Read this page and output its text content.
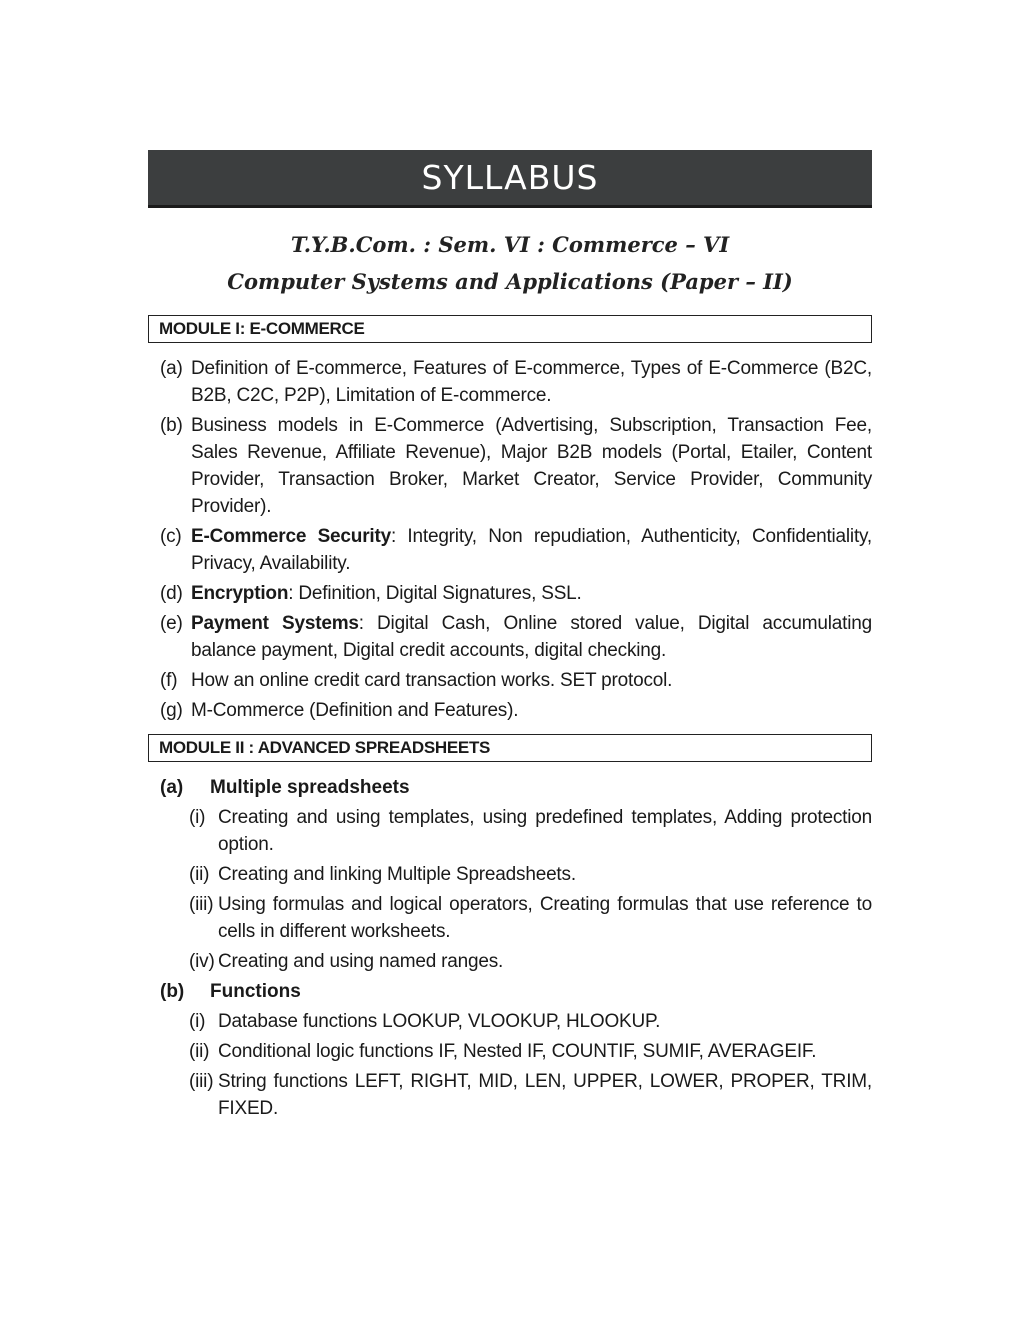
SYLLABUS
T.Y.B.Com. : Sem. VI : Commerce – VI
Computer Systems and Applications (Paper – II)
MODULE I: E-COMMERCE
(a) Definition of E-commerce, Features of E-commerce, Types of E-Commerce (B2C, B2B, C2C, P2P), Limitation of E-commerce.
(b) Business models in E-Commerce (Advertising, Subscription, Transaction Fee, Sales Revenue, Affiliate Revenue), Major B2B models (Portal, Etailer, Content Provider, Transaction Broker, Market Creator, Service Provider, Community Provider).
(c) E-Commerce Security: Integrity, Non repudiation, Authenticity, Confidentiality, Privacy, Availability.
(d) Encryption: Definition, Digital Signatures, SSL.
(e) Payment Systems: Digital Cash, Online stored value, Digital accumulating balance payment, Digital credit accounts, digital checking.
(f) How an online credit card transaction works. SET protocol.
(g) M-Commerce (Definition and Features).
MODULE II : ADVANCED SPREADSHEETS
(a)	Multiple spreadsheets
(i) Creating and using templates, using predefined templates, Adding protection option.
(ii) Creating and linking Multiple Spreadsheets.
(iii) Using formulas and logical operators, Creating formulas that use reference to cells in different worksheets.
(iv) Creating and using named ranges.
(b)	Functions
(i) Database functions LOOKUP, VLOOKUP, HLOOKUP.
(ii) Conditional logic functions IF, Nested IF, COUNTIF, SUMIF, AVERAGEIF.
(iii) String functions LEFT, RIGHT, MID, LEN, UPPER, LOWER, PROPER, TRIM, FIXED.
